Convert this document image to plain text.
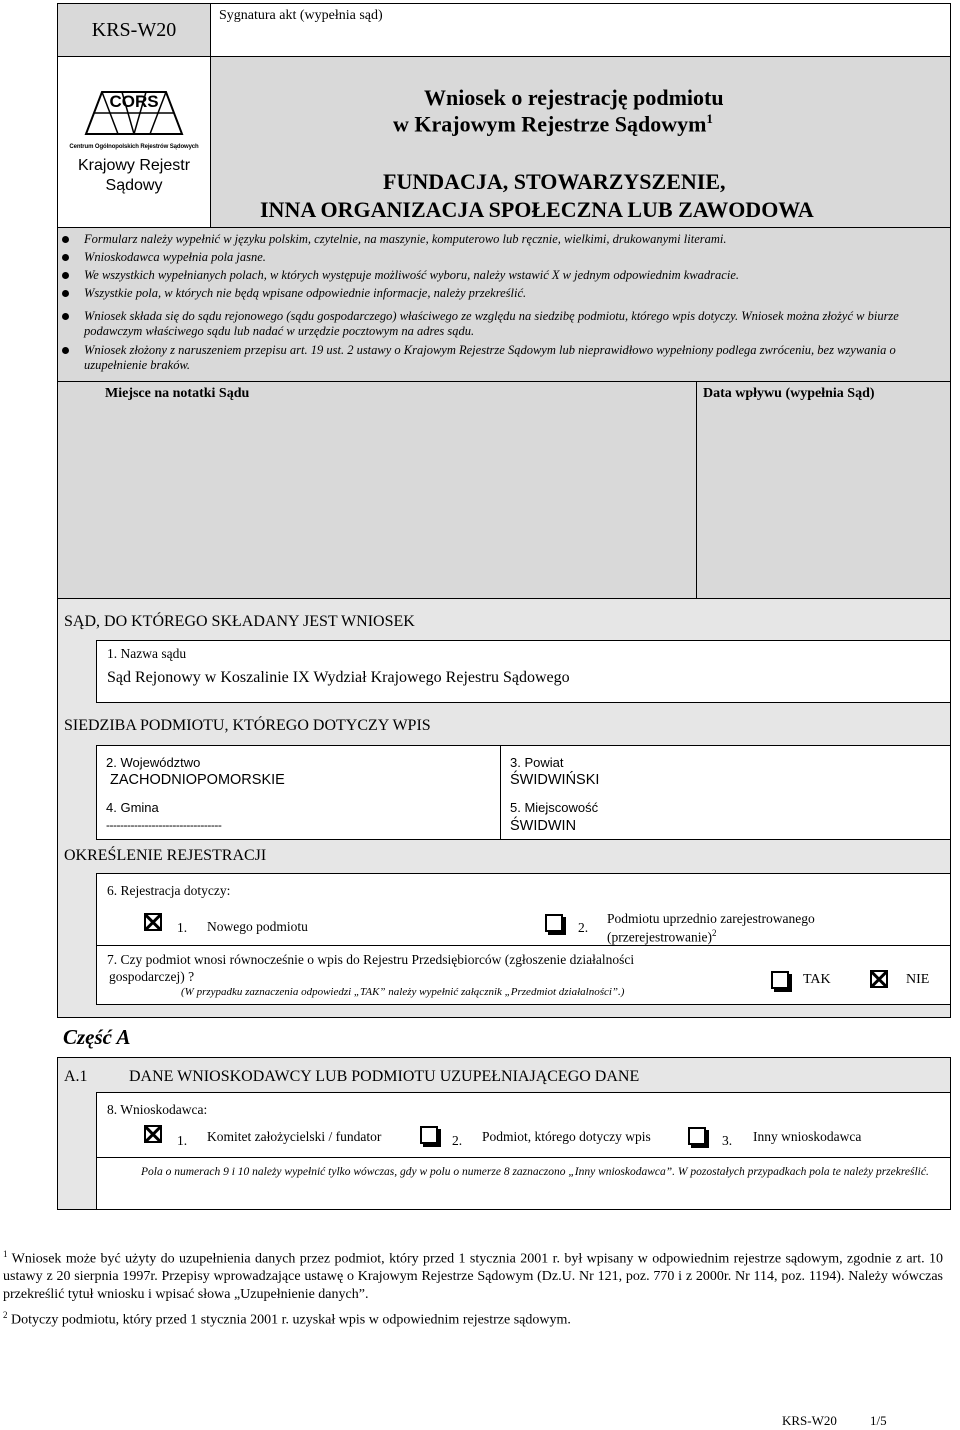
KRS-W20
Sygnatura akt (wypełnia sąd)
CORS
Centrum Ogólnopolskich Rejestrów Sądowych
Krajowy Rejestr
Sądowy
Wniosek o rejestrację podmiotu
w Krajowym Rejestrze Sądowym$^1$
FUNDACJA, STOWARZYSZENIE,
INNA ORGANIZACJA SPOŁECZNA LUB ZAWODOWA
Formularz należy wypełnić w języku polskim, czytelnie, na maszynie, komputerowo lub ręcznie, wielkimi, drukowanymi literami.
Wnioskodawca wypełnia pola jasne.
We wszystkich wypełnianych polach, w których występuje możliwość wyboru, należy wstawić X w jednym odpowiednim kwadracie.
Wszystkie pola, w których nie będą wpisane odpowiednie informacje, należy przekreślić.
Wniosek składa się do sądu rejonowego (sądu gospodarczego) właściwego ze względu na siedzibę podmiotu, którego wpis dotyczy. Wniosek można złożyć w biurze podawczym właściwego sądu lub nadać w urzędzie pocztowym na adres sądu.
Wniosek złożony z naruszeniem przepisu art. 19 ust. 2 ustawy o Krajowym Rejestrze Sądowym lub nieprawidłowo wypełniony podlega zwróceniu, bez wzywania o uzupełnienie braków.
Miejsce na notatki Sądu	Data wpływu (wypełnia Sąd)
SĄD, DO KTÓREGO SKŁADANY JEST WNIOSEK
1. Nazwa sądu
Sąd Rejonowy w Koszalinie IX Wydział Krajowego Rejestru Sądowego
SIEDZIBA PODMIOTU, KTÓREGO DOTYCZY WPIS
2. Województwo
ZACHODNIOPOMORSKIE
3. Powiat
ŚWIDWIŃSKI
4. Gmina
---------------------------------
5. Miejscowość
ŚWIDWIN
OKREŚLENIE REJESTRACJI
6. Rejestracja dotyczy:
1. Nowego podmiotu	2.
Podmiotu uprzednio zarejestrowanego
(przerejestrowanie)$^2$
7. Czy podmiot wnosi równocześnie o wpis do Rejestru Przedsiębiorców (zgłoszenie działalności
gospodarczej) ?
(W przypadku zaznaczenia odpowiedzi „TAK” należy wypełnić załącznik „Przedmiot działalności”.)
TAK	NIE
Część A
A.1	DANE WNIOSKODAWCY LUB PODMIOTU UZUPEŁNIAJĄCEGO DANE
8. Wnioskodawca:
1. Komitet założycielski / fundator	2. Podmiot, którego dotyczy wpis	3. Inny wnioskodawca
Pola o numerach 9 i 10 należy wypełnić tylko wówczas, gdy w polu o numerze 8 zaznaczono „Inny wnioskodawca”. W pozostałych przypadkach pola te należy przekreślić.
$^1$ Wniosek może być użyty do uzupełnienia danych przez podmiot, który przed 1 stycznia 2001 r. był wpisany w odpowiednim rejestrze sądowym, zgodnie z art. 10 ustawy z 20 sierpnia 1997r. Przepisy wprowadzające ustawę o Krajowym Rejestrze Sądowym (Dz.U. Nr 121, poz. 770 i z 2000r. Nr 114, poz. 1194). Należy wówczas przekreślić tytuł wniosku i wpisać słowa „Uzupełnienie danych”.
$^2$ Dotyczy podmiotu, który przed 1 stycznia 2001 r. uzyskał wpis w odpowiednim rejestrze sądowym.
KRS-W20	1/5
